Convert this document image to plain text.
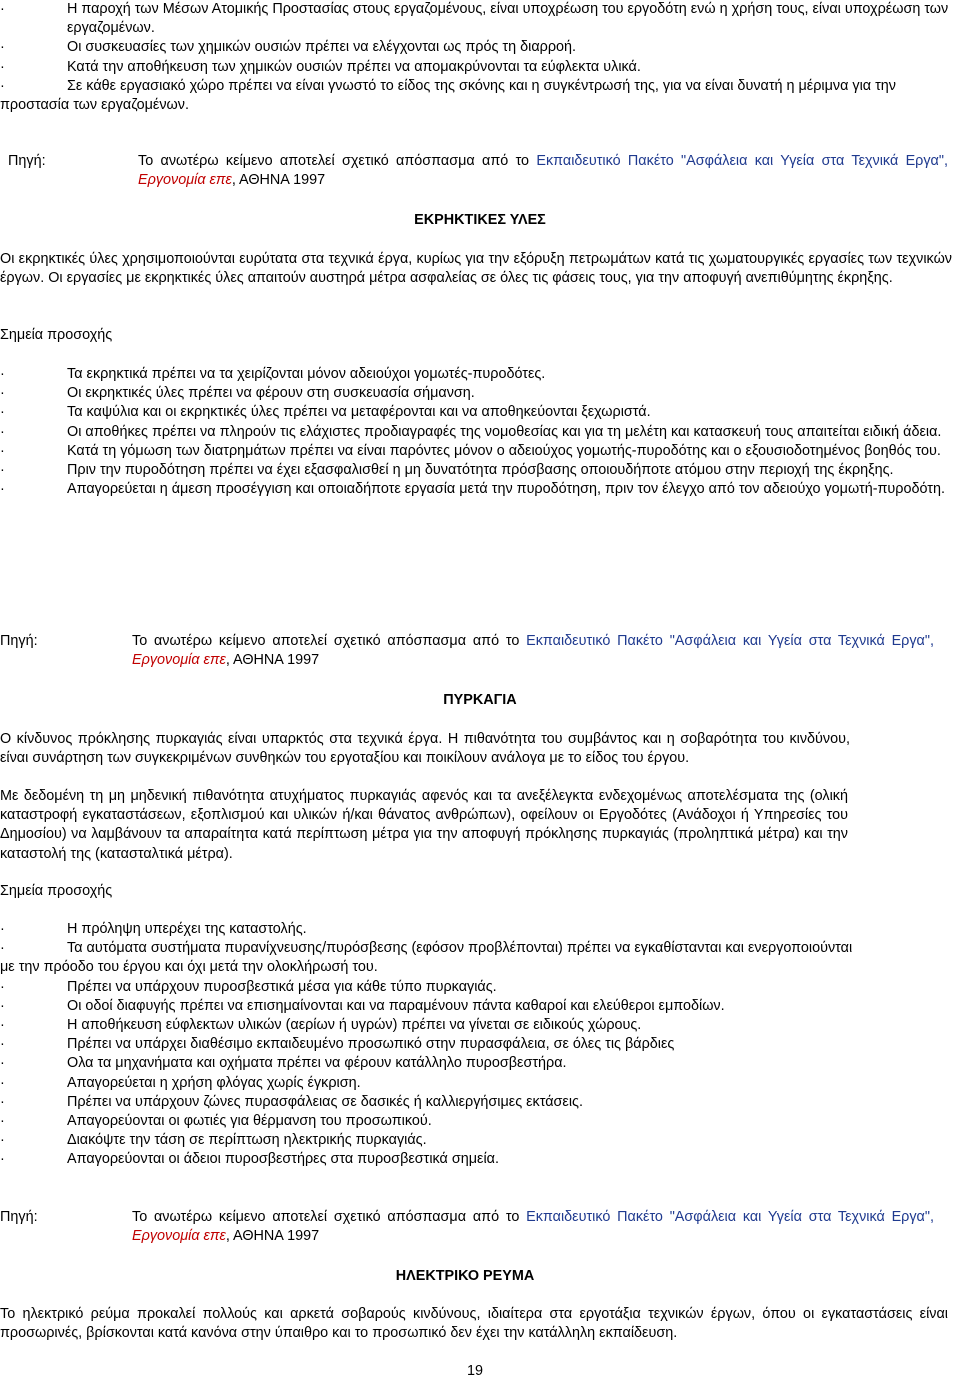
·	Η παροχή των Μέσων Ατομικής Προστασίας στους εργαζομένους, είναι υποχρέωση του εργοδότη ενώ η χρήση τους, είναι υποχρέωση των εργαζομένων.

·	Οι συσκευασίες των χημικών ουσιών πρέπει να ελέγχονται ως πρός τη διαρροή.

·	Κατά την αποθήκευση των χημικών ουσιών πρέπει να απομακρύνονται τα εύφλεκτα υλικά.

·	Σε κάθε εργασιακό χώρο πρέπει να είναι γνωστό το είδος της σκόνης και η συγκέντρωσή της, για να είναι δυνατή η μέριμνα για την προστασία των εργαζομένων.

Πηγή:	Το ανωτέρω κείμενο αποτελεί σχετικό απόσπασμα από το Εκπαιδευτικό Πακέτο "Ασφάλεια και Υγεία στα Τεχνικά Εργα", Εργονομία επε, ΑΘΗΝΑ 1997

ΕΚΡΗΚΤΙΚΕΣ ΥΛΕΣ

Οι εκρηκτικές ύλες χρησιμοποιούνται ευρύτατα στα τεχνικά έργα, κυρίως για την εξόρυξη πετρωμάτων κατά τις χωματουργικές εργασίες των τεχνικών έργων. Οι εργασίες με εκρηκτικές ύλες απαιτούν αυστηρά μέτρα ασφαλείας σε όλες τις φάσεις τους, για την αποφυγή ανεπιθύμητης έκρηξης.

Σημεία προσοχής

·	Τα εκρηκτικά πρέπει να τα χειρίζονται μόνον αδειούχοι γομωτές-πυροδότες.

·	Οι εκρηκτικές ύλες πρέπει να φέρουν στη συσκευασία σήμανση.

·	Τα καψύλια και οι εκρηκτικές ύλες πρέπει να μεταφέρονται και να αποθηκεύονται ξεχωριστά.

·	Οι αποθήκες πρέπει να πληρούν τις ελάχιστες προδιαγραφές της νομοθεσίας και για τη μελέτη και κατασκευή τους απαιτείται ειδική άδεια.

·	Κατά τη γόμωση των διατρημάτων πρέπει να είναι παρόντες μόνον ο αδειούχος γομωτής-πυροδότης και ο εξουσιοδοτημένος βοηθός του.

·	Πριν την πυροδότηση πρέπει να έχει εξασφαλισθεί η μη δυνατότητα πρόσβασης οποιουδήποτε ατόμου στην περιοχή της έκρηξης.

·	Απαγορεύεται η άμεση προσέγγιση και οποιαδήποτε εργασία μετά την πυροδότηση, πριν τον έλεγχο από τον αδειούχο γομωτή-πυροδότη.

Πηγή:	Το ανωτέρω κείμενο αποτελεί σχετικό απόσπασμα από το Εκπαιδευτικό Πακέτο "Ασφάλεια και Υγεία στα Τεχνικά Εργα", Εργονομία επε, ΑΘΗΝΑ 1997

ΠΥΡΚΑΓΙΑ

Ο κίνδυνος πρόκλησης πυρκαγιάς είναι υπαρκτός στα τεχνικά έργα. Η πιθανότητα του συμβάντος και η σοβαρότητα του κινδύνου, είναι συνάρτηση των συγκεκριμένων συνθηκών του εργοταξίου και ποικίλουν ανάλογα με το είδος του έργου.

Με δεδομένη τη μη μηδενική πιθανότητα ατυχήματος πυρκαγιάς αφενός και τα ανεξέλεγκτα ενδεχομένως αποτελέσματα της (ολική καταστροφή εγκαταστάσεων, εξοπλισμού και υλικών ή/και θάνατος ανθρώπων), οφείλουν οι Εργοδότες (Ανάδοχοι ή Υπηρεσίες του Δημοσίου) να λαμβάνουν τα απαραίτητα κατά περίπτωση μέτρα για την αποφυγή πρόκλησης πυρκαγιάς (προληπτικά μέτρα) και την καταστολή της (κατασταλτικά μέτρα).

Σημεία προσοχής

·	Η πρόληψη υπερέχει της καταστολής.

·	Τα αυτόματα συστήματα πυρανίχνευσης/πυρόσβεσης (εφόσον προβλέπονται) πρέπει να εγκαθίστανται και ενεργοποιούνται με την πρόοδο του έργου και όχι μετά την ολοκλήρωσή του.

·	Πρέπει να υπάρχουν πυροσβεστικά μέσα για κάθε τύπο πυρκαγιάς.

·	Οι οδοί διαφυγής πρέπει να επισημαίνονται και να παραμένουν πάντα καθαροί και ελεύθεροι εμποδίων.

·	Η αποθήκευση εύφλεκτων υλικών (αερίων ή υγρών) πρέπει να γίνεται σε ειδικούς χώρους.

·	Πρέπει να υπάρχει διαθέσιμο εκπαιδευμένο προσωπικό στην πυρασφάλεια, σε όλες τις βάρδιες

·	Ολα τα μηχανήματα και οχήματα πρέπει να φέρουν κατάλληλο πυροσβεστήρα.

·	Απαγορεύεται η χρήση φλόγας χωρίς έγκριση.

·	Πρέπει να υπάρχουν ζώνες πυρασφάλειας σε δασικές ή καλλιεργήσιμες εκτάσεις.

·	Απαγορεύονται οι φωτιές για θέρμανση του προσωπικού.

·	Διακόψτε την τάση σε περίπτωση ηλεκτρικής πυρκαγιάς.

·	Απαγορεύονται οι άδειοι πυροσβεστήρες στα πυροσβεστικά σημεία.

Πηγή:	Το ανωτέρω κείμενο αποτελεί σχετικό απόσπασμα από το Εκπαιδευτικό Πακέτο "Ασφάλεια και Υγεία στα Τεχνικά Εργα", Εργονομία επε, ΑΘΗΝΑ 1997

ΗΛΕΚΤΡΙΚΟ ΡΕΥΜΑ

Το ηλεκτρικό ρεύμα προκαλεί πολλούς και αρκετά σοβαρούς κινδύνους, ιδιαίτερα στα εργοτάξια τεχνικών έργων, όπου οι εγκαταστάσεις είναι προσωρινές, βρίσκονται κατά κανόνα στην ύπαιθρο και το προσωπικό δεν έχει την κατάλληλη εκπαίδευση.

19
